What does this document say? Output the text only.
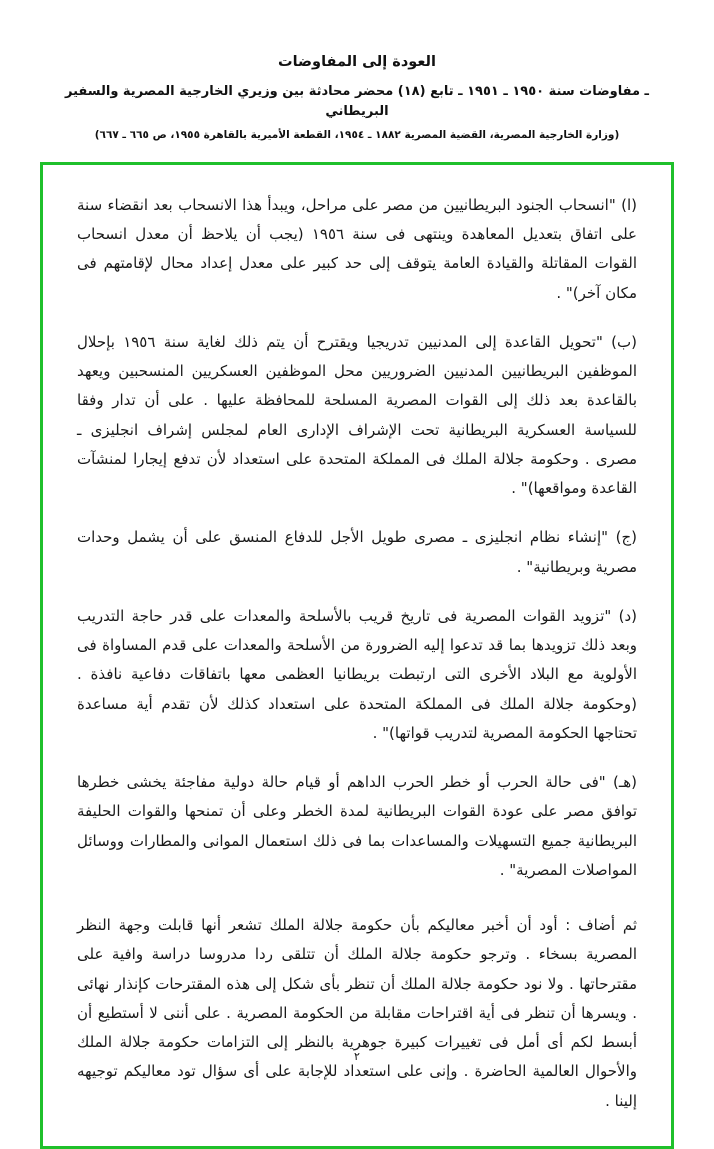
العودة إلى المفاوضات
ـ مفاوضات سنة ١٩٥٠ ـ ١٩٥١ ـ تابع (١٨) محضر محادثة بين وزيري الخارجية المصرية والسفير البريطاني
(وزارة الخارجية المصرية، القضية المصرية ١٨٨٢ ـ ١٩٥٤، القطعة الأميرية بالقاهرة ١٩٥٥، ص ٦٦٥ ـ ٦٦٧)

(ا) "انسحاب الجنود البريطانيين من مصر على مراحل، ويبدأ هذا الانسحاب بعد انقضاء سنة على اتفاق بتعديل المعاهدة وينتهى فى سنة ١٩٥٦ (يجب أن يلاحظ أن معدل انسحاب القوات المقاتلة والقيادة العامة يتوقف إلى حد كبير على معدل إعداد محال لإقامتهم فى مكان آخر)" .

(ب) "تحويل القاعدة إلى المدنيين تدريجيا ويقترح أن يتم ذلك لغاية سنة ١٩٥٦ بإحلال الموظفين البريطانيين المدنيين الضروريين محل الموظفين العسكريين المنسحبين ويعهد بالقاعدة بعد ذلك إلى القوات المصرية المسلحة للمحافظة عليها . على أن تدار وفقا للسياسة العسكرية البريطانية تحت الإشراف الإدارى العام لمجلس إشراف انجليزى ـ مصرى . وحكومة جلالة الملك فى المملكة المتحدة على استعداد لأن تدفع إيجارا لمنشآت القاعدة ومواقعها)" .

(ج) "إنشاء نظام انجليزى ـ مصرى طويل الأجل للدفاع المنسق على أن يشمل وحدات مصرية وبريطانية" .

(د) "تزويد القوات المصرية فى تاريخ قريب بالأسلحة والمعدات على قدر حاجة التدريب وبعد ذلك تزويدها بما قد تدعوا إليه الضرورة من الأسلحة والمعدات على قدم المساواة فى الأولوية مع البلاد الأخرى التى ارتبطت بريطانيا العظمى معها باتفاقات دفاعية نافذة . (وحكومة جلالة الملك فى المملكة المتحدة على استعداد كذلك لأن تقدم أية مساعدة تحتاجها الحكومة المصرية لتدريب قواتها)" .

(هـ) "فى حالة الحرب أو خطر الحرب الداهم أو قيام حالة دولية مفاجئة يخشى خطرها توافق مصر على عودة القوات البريطانية لمدة الخطر وعلى أن تمنحها والقوات الحليفة البريطانية جميع التسهيلات والمساعدات بما فى ذلك استعمال الموانى والمطارات ووسائل المواصلات المصرية" .

ثم أضاف : أود أن أخبر معاليكم بأن حكومة جلالة الملك تشعر أنها قابلت وجهة النظر المصرية بسخاء . وترجو حكومة جلالة الملك أن تتلقى ردا مدروسا دراسة وافية على مقترحاتها . ولا نود حكومة جلالة الملك أن تنظر بأى شكل إلى هذه المقترحات كإنذار نهائى . ويسرها أن تنظر فى أية اقتراحات مقابلة من الحكومة المصرية . على أننى لا أستطيع أن أبسط لكم أى أمل فى تغييرات كبيرة جوهرية بالنظر إلى التزامات حكومة جلالة الملك والأحوال العالمية الحاضرة . وإنى على استعداد للإجابة على أى سؤال تود معاليكم توجيهه إلينا .

٢
